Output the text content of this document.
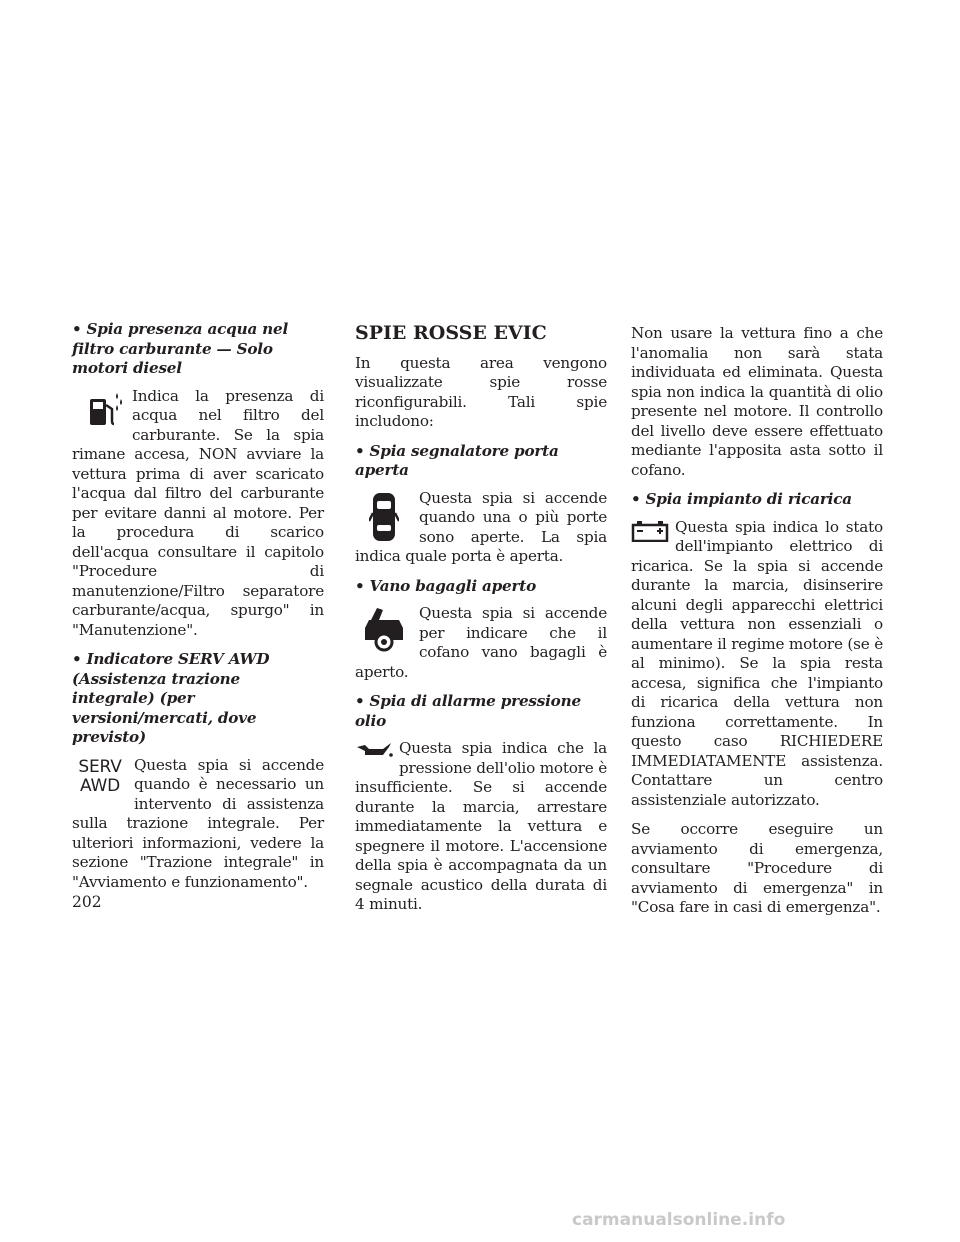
• Spia presenza acqua nel filtro carburante — Solo motori diesel

Indica la presenza di acqua nel filtro del carburante. Se la spia rimane accesa, NON avviare la vettura prima di aver scaricato l'acqua dal filtro del carburante per evitare danni al motore. Per la procedura di scarico dell'acqua consultare il capitolo "Procedure di manutenzione/Filtro separatore carburante/acqua, spurgo" in "Manutenzione".

• Indicatore SERV AWD (Assistenza trazione integrale) (per versioni/mercati, dove previsto)

SERV
AWD

Questa spia si accende quando è necessario un intervento di assistenza sulla trazione integrale. Per ulteriori informazioni, vedere la sezione "Trazione integrale" in "Avviamento e funzionamento".

SPIE ROSSE EVIC

In questa area vengono visualizzate spie rosse riconfigurabili. Tali spie includono:

• Spia segnalatore porta aperta

Questa spia si accende quando una o più porte sono aperte. La spia indica quale porta è aperta.

• Vano bagagli aperto

Questa spia si accende per indicare che il cofano vano bagagli è aperto.

• Spia di allarme pressione olio

Questa spia indica che la pressione dell'olio motore è insufficiente. Se si accende durante la marcia, arrestare immediatamente la vettura e spegnere il motore. L'accensione della spia è accompagnata da un segnale acustico della durata di 4 minuti.

Non usare la vettura fino a che l'anomalia non sarà stata individuata ed eliminata. Questa spia non indica la quantità di olio presente nel motore. Il controllo del livello deve essere effettuato mediante l'apposita asta sotto il cofano.

• Spia impianto di ricarica

Questa spia indica lo stato dell'impianto elettrico di ricarica. Se la spia si accende durante la marcia, disinserire alcuni degli apparecchi elettrici della vettura non essenziali o aumentare il regime motore (se è al minimo). Se la spia resta accesa, significa che l'impianto di ricarica della vettura non funziona correttamente. In questo caso RICHIEDERE IMMEDIATAMENTE assistenza. Contattare un centro assistenziale autorizzato.

Se occorre eseguire un avviamento di emergenza, consultare "Procedure di avviamento di emergenza" in "Cosa fare in casi di emergenza".

202
carmanualsonline.info
